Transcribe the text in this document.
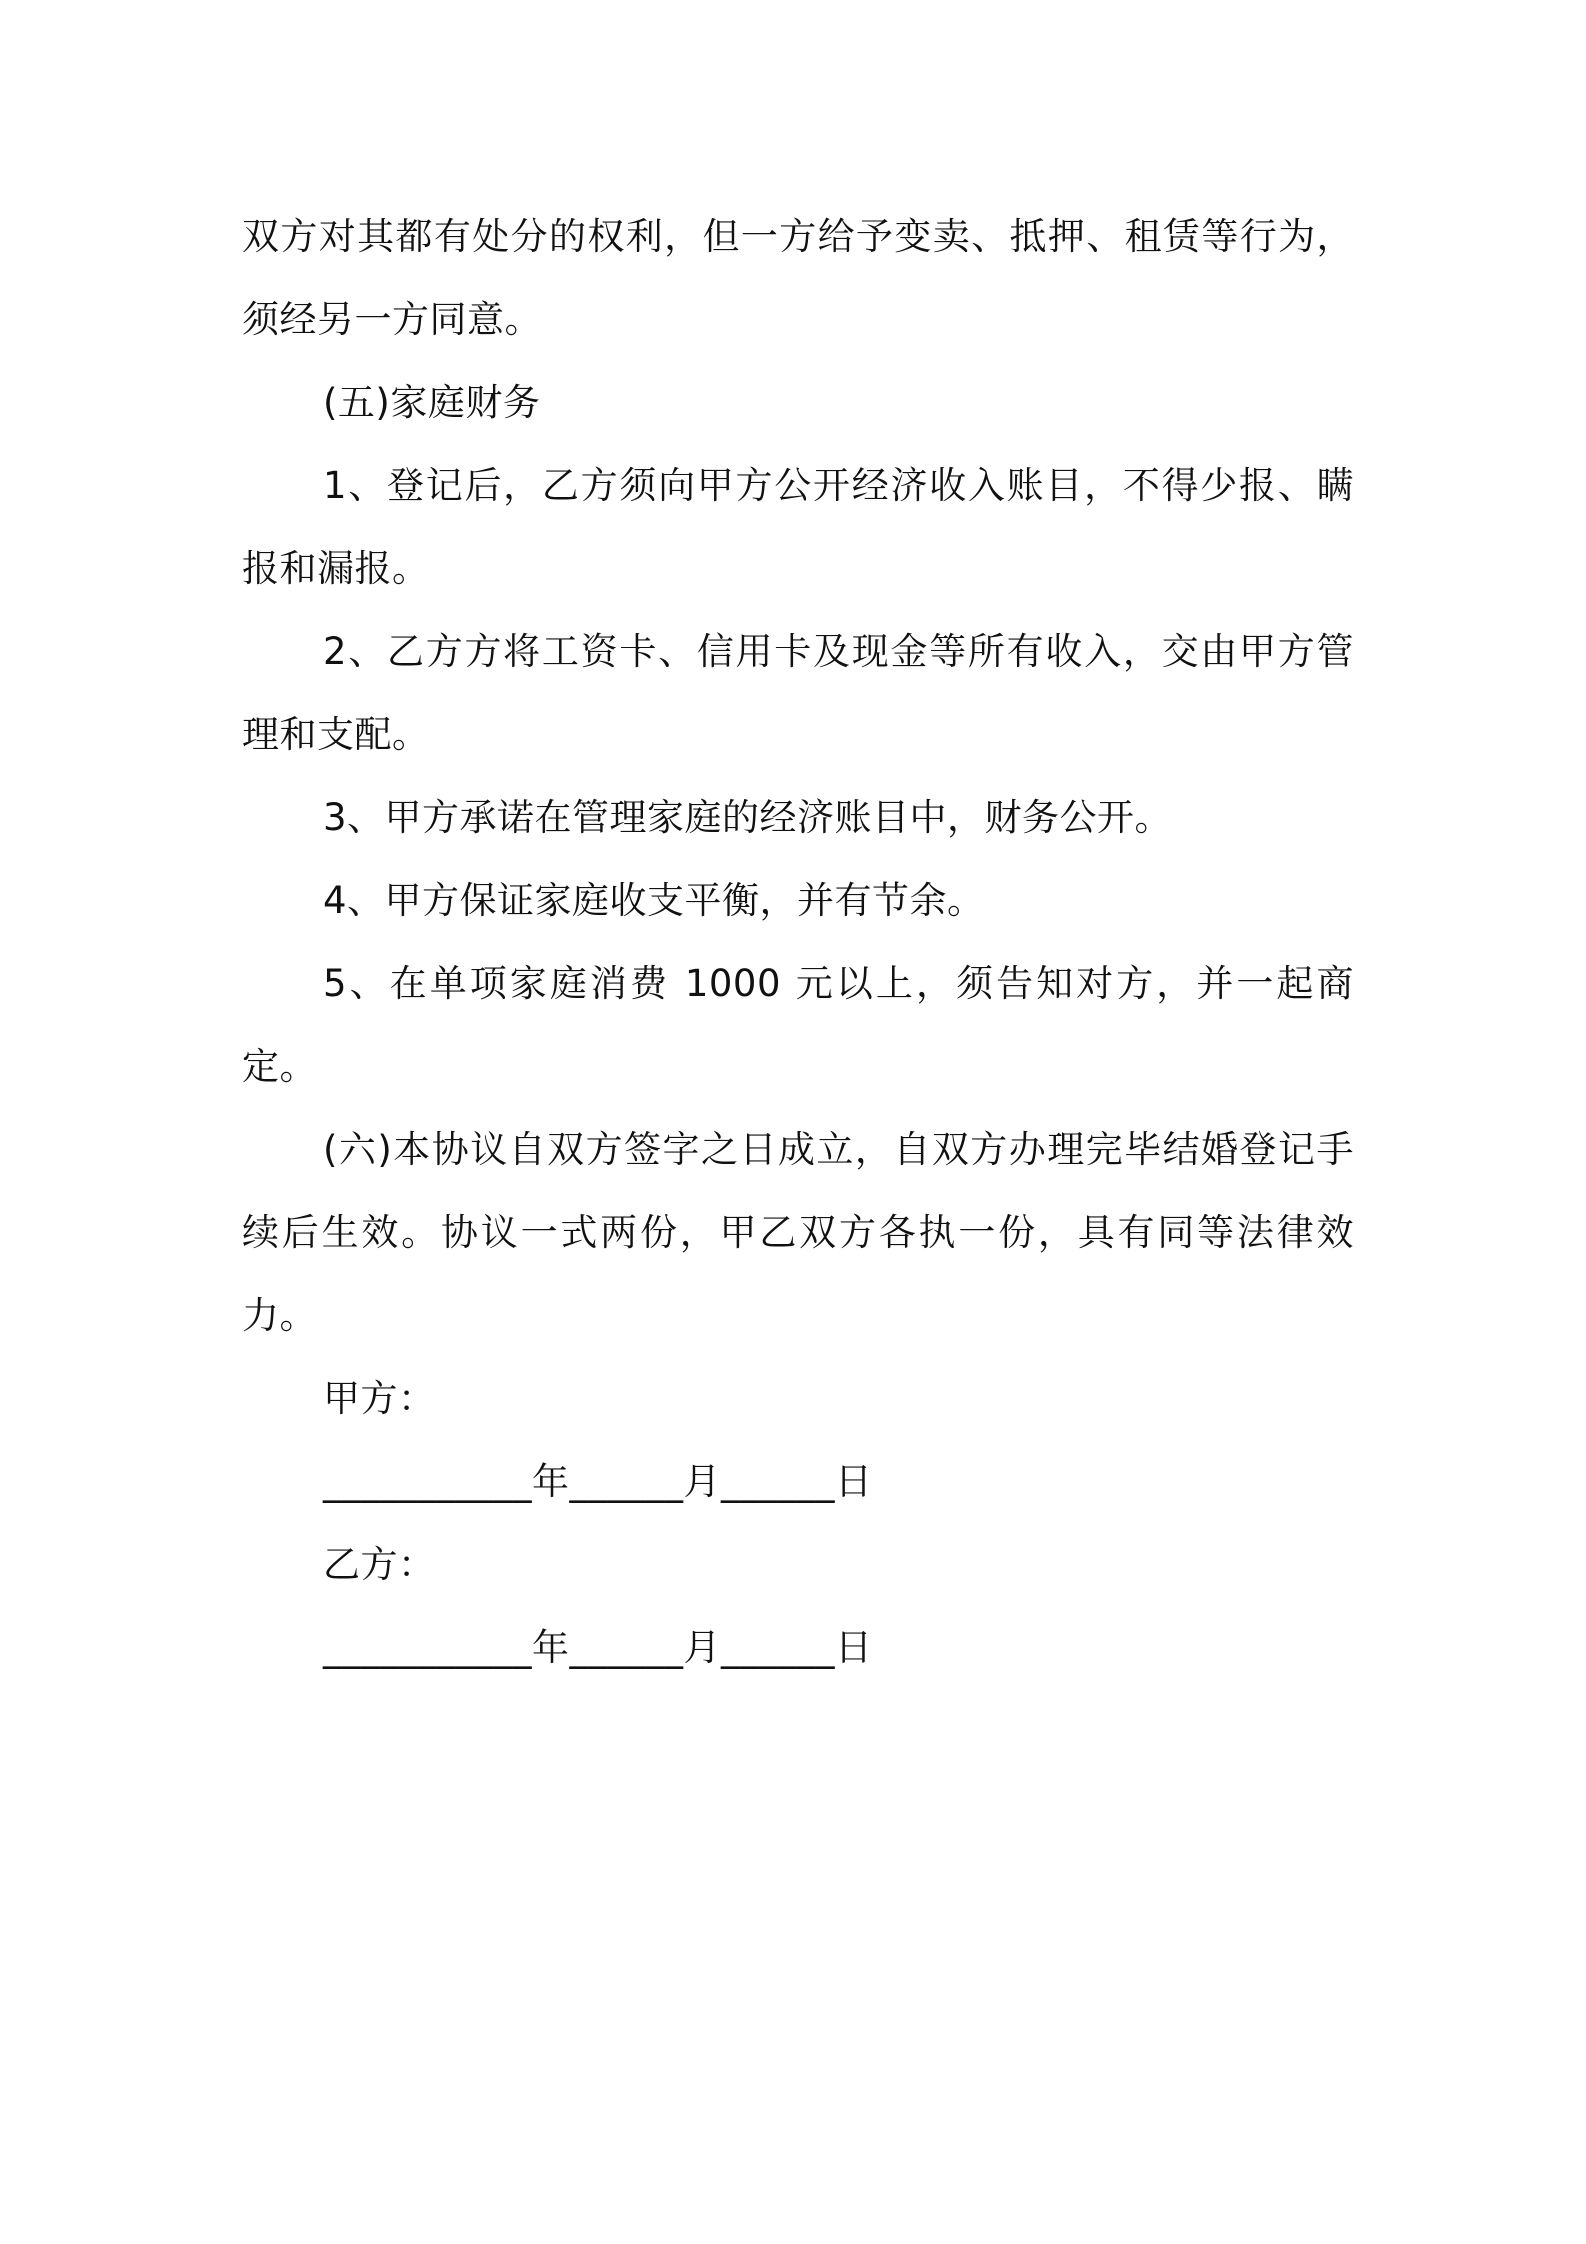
双方对其都有处分的权利，但一方给予变卖、抵押、租赁等行为，须经另一方同意。

(五)家庭财务

1、登记后，乙方须向甲方公开经济收入账目，不得少报、瞒报和漏报。

2、乙方方将工资卡、信用卡及现金等所有收入，交由甲方管理和支配。

3、甲方承诺在管理家庭的经济账目中，财务公开。

4、甲方保证家庭收支平衡，并有节余。

5、在单项家庭消费 1000 元以上，须告知对方，并一起商定。

(六)本协议自双方签字之日成立，自双方办理完毕结婚登记手续后生效。协议一式两份，甲乙双方各执一份，具有同等法律效力。

甲方：

___________年______月______日

乙方：

___________年______月______日
